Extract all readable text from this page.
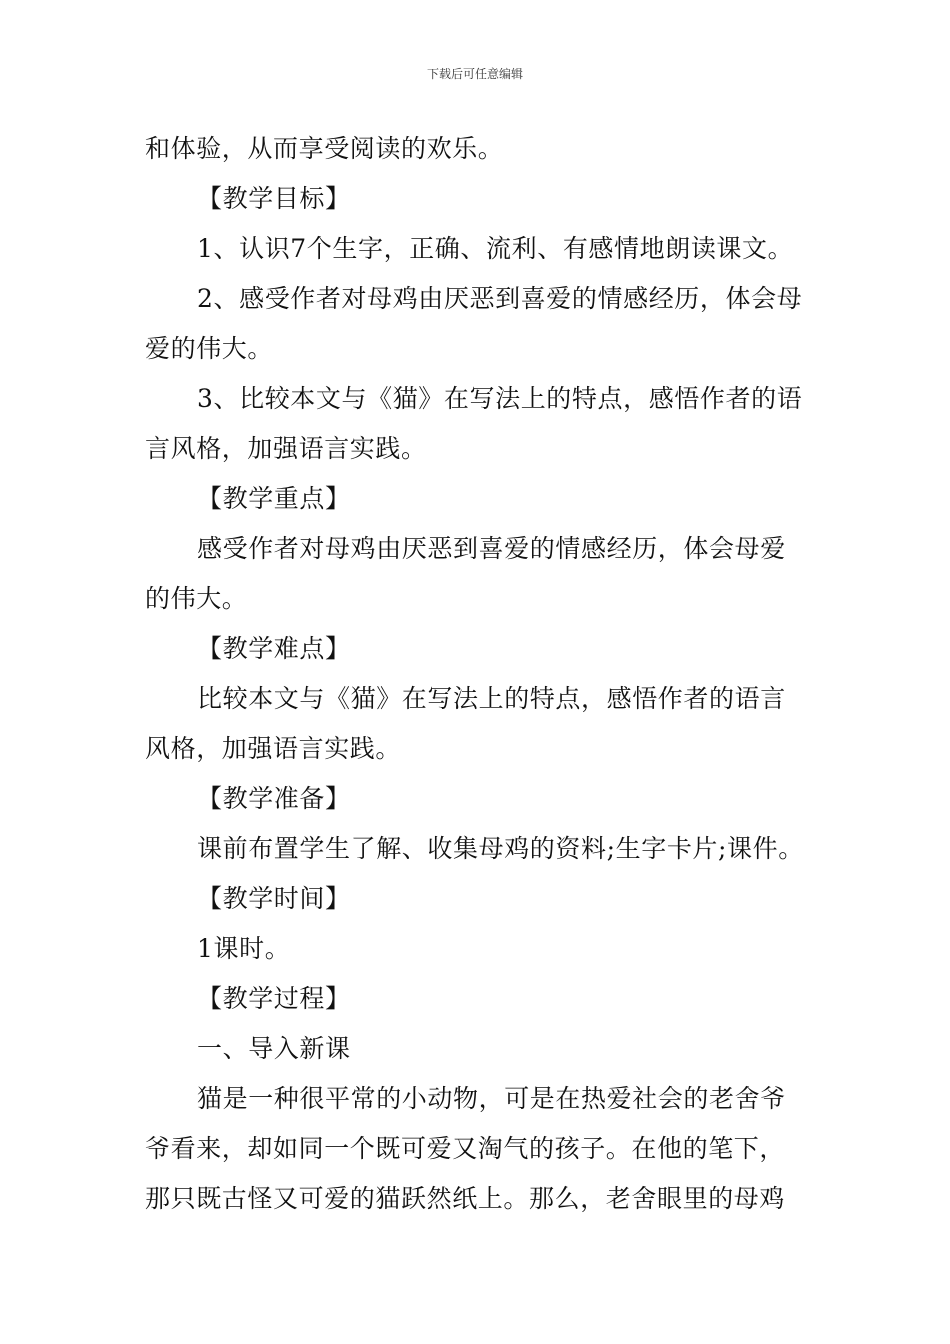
下载后可任意编辑
和体验，从而享受阅读的欢乐。
【教学目标】
1、认识7个生字，正确、流利、有感情地朗读课文。
2、感受作者对母鸡由厌恶到喜爱的情感经历，体会母
爱的伟大。
3、比较本文与《猫》在写法上的特点，感悟作者的语
言风格，加强语言实践。
【教学重点】
感受作者对母鸡由厌恶到喜爱的情感经历，体会母爱
的伟大。
【教学难点】
比较本文与《猫》在写法上的特点，感悟作者的语言
风格，加强语言实践。
【教学准备】
课前布置学生了解、收集母鸡的资料;生字卡片;课件。
【教学时间】
1课时。
【教学过程】
一、导入新课
猫是一种很平常的小动物，可是在热爱社会的老舍爷
爷看来，却如同一个既可爱又淘气的孩子。在他的笔下，
那只既古怪又可爱的猫跃然纸上。那么，老舍眼里的母鸡
